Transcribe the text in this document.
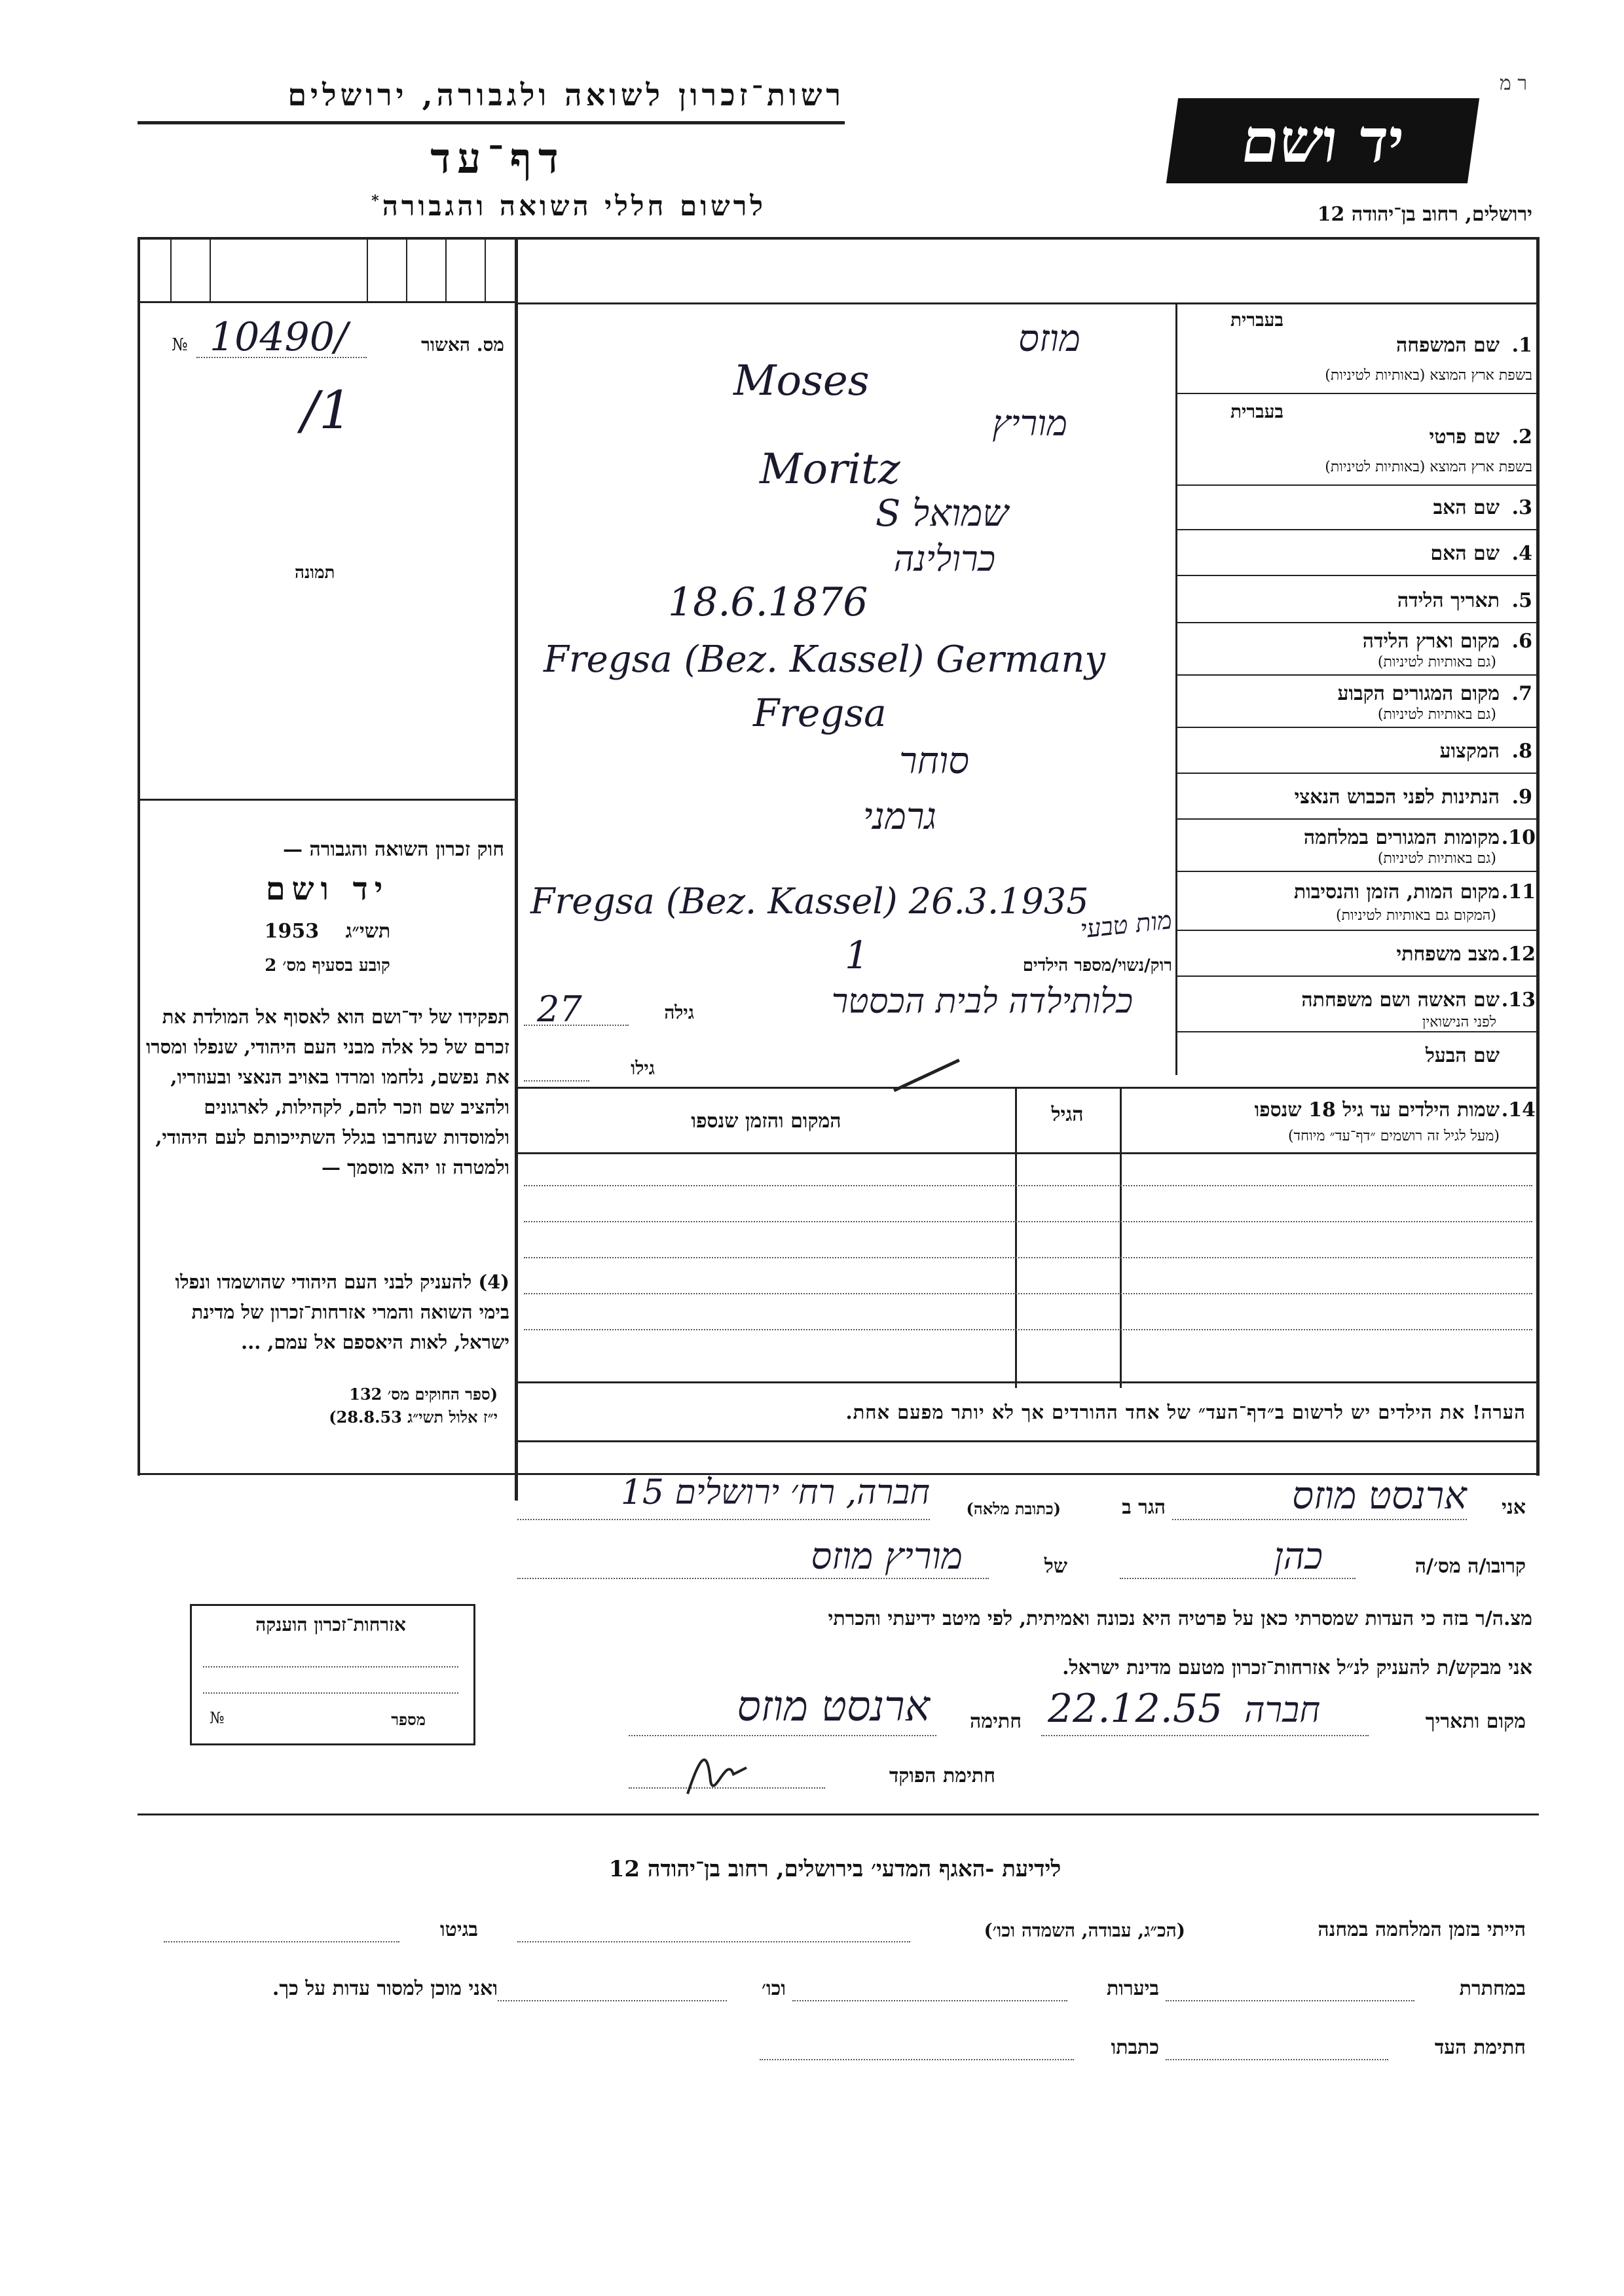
רשות־זכרון לשואה ולגבורה, ירושלים
דף־עד
לרשום חללי השואה והגבורה*
יד ושם
ר מ
ירושלים, רחוב בן־יהודה 12
מס. האשור
№ 10490/
/1
תמונה
בעברית
שם המשפחה 1.
בשפת ארץ המוצא (באותיות לטיניות)
בעברית
שם פרטי 2.
בשפת ארץ המוצא (באותיות לטיניות)
שם האב 3.
שם האם 4.
תאריך הלידה 5.
מקום וארץ הלידה 6.
(גם באותיות לטיניות)
מקום המגורים הקבוע 7.
(גם באותיות לטיניות)
המקצוע 8.
הנתינות לפני הכבוש הנאצי 9.
מקומות המגורים במלחמה 10.
(גם באותיות לטיניות)
מקום המות, הזמן והנסיבות 11.
(המקום גם באותיות לטיניות)
מצב משפחתי 12.
רוק/נשוי/מספר הילדים
שם האשה ושם משפחתה 13.
לפני הנישואין
גילה
שם הבעל
גילו
מוזס
Moses
מוריץ
Moritz
שמואל S
כרולינה
18.6.1876
Fregsa (Bez. Kassel) Germany
Fregsa
סוחר
גרמני
Fregsa (Bez. Kassel) 26.3.1935
מות טבעי
1
כלותילדה לבית הכסטר
27
14.
שמות הילדים עד גיל 18 שנספו
(מעל לגיל זה רושמים ״דף־עד״ מיוחד)
הגיל
המקום והזמן שנספו
הערה! את הילדים יש לרשום ב״דף־העד״ של אחד ההורדים אך לא יותר מפעם אחת.
חוק זכרון השואה והגבורה —
יד ושם
1953 תשי״ג
קובע בסעיף מס׳ 2
תפקידו של יד־ושם הוא לאסוף אל המולדת את זכרם של כל אלה מבני העם היהודי, שנפלו ומסרו את נפשם, נלחמו ומרדו באויב הנאצי ובעוזריו, ולהציב שם וזכר להם, לקהילות, לארגונים ולמוסדות שנחרבו בגלל השתייכותם לעם היהודי, ולמטרה זו יהא מוסמך —
(4) להעניק לבני העם היהודי שהושמדו ונפלו בימי השואה והמרי אזרחות־זכרון של מדינת ישראל, לאות היאספם אל עמם, ...
(ספר החוקים מס׳ 132
י״ז אלול תשי״ג 28.8.53)
אני
ארנסט מוזס
הגר ב
(כתובת מלאה)
חברה, רח׳ ירושלים 15
קרובו/ה מס׳/ה
כהן
של
מוריץ מוזס
מצ.ה/ר בזה כי העדות שמסרתי כאן על פרטיה היא נכונה ואמיתית, לפי מיטב ידיעתי והכרתי
אני מבקש/ת להעניק לנ״ל אזרחות־זכרון מטעם מדינת ישראל.
מקום ותאריך
חברה
22.12.55
חתימה
ארנסט מוזס
חתימת הפוקד
אזרחות־זכרון הוענקה
מספר
№
לידיעת -האגף המדעי׳ בירושלים, רחוב בן־יהודה 12
הייתי בזמן המלחמה במחנה
(הכ״ג, עבודה, השמדה וכו׳)
בגיטו
במחתרת
ביערות
וכו׳
ואני מוכן למסור עדות על כך.
חתימת העד
כתבתו
